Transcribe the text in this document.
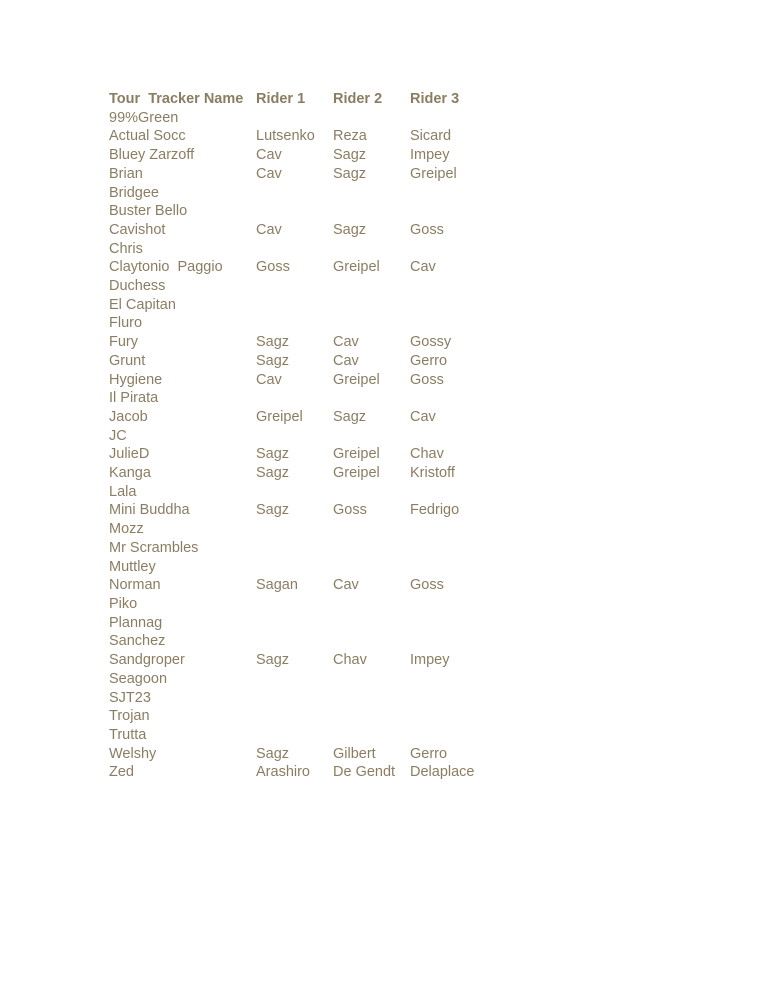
Tour  Tracker Name	Rider 1	Rider 2	Rider 3
99%Green			
Actual Socc	Lutsenko	Reza	Sicard
Bluey Zarzoff	Cav	Sagz	Impey
Brian	Cav	Sagz	Greipel
Bridgee			
Buster Bello			
Cavishot	Cav	Sagz	Goss
Chris			
Claytonio  Paggio	Goss	Greipel	Cav
Duchess			
El Capitan			
Fluro			
Fury	Sagz	Cav	Gossy
Grunt	Sagz	Cav	Gerro
Hygiene	Cav	Greipel	Goss
Il Pirata			
Jacob	Greipel	Sagz	Cav
JC			
JulieD	Sagz	Greipel	Chav
Kanga	Sagz	Greipel	Kristoff
Lala			
Mini Buddha	Sagz	Goss	Fedrigo
Mozz			
Mr Scrambles			
Muttley			
Norman	Sagan	Cav	Goss
Piko			
Plannag			
Sanchez			
Sandgroper	Sagz	Chav	Impey
Seagoon			
SJT23			
Trojan			
Trutta			
Welshy	Sagz	Gilbert	Gerro
Zed	Arashiro	De Gendt	Delaplace
